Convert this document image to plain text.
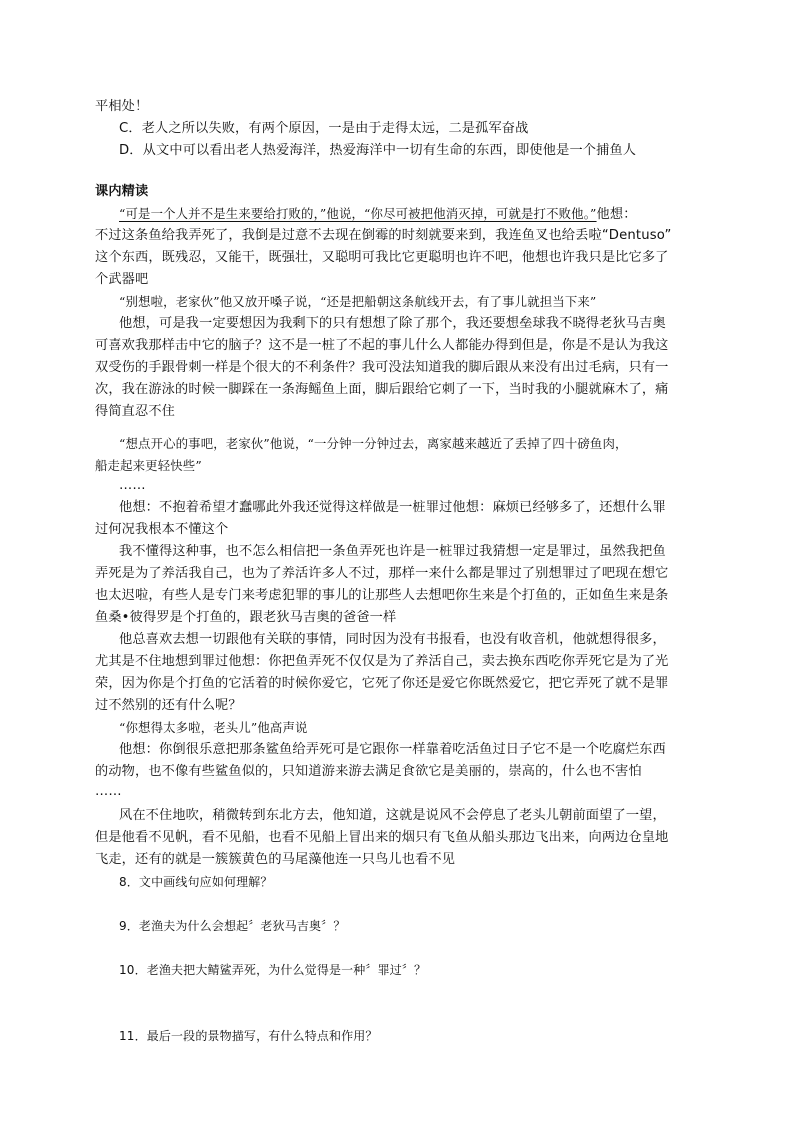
平相处！
C．老人之所以失败，有两个原因，一是由于走得太远，二是孤军奋战
D．从文中可以看出老人热爱海洋，热爱海洋中一切有生命的东西，即使他是一个捕鱼人
课内精读
“可是一个人并不是生来要给打败的，”他说，“你尽可被把他消灭掉，可就是打不败他。”他想：
不过这条鱼给我弄死了，我倒是过意不去现在倒霉的时刻就要来到，我连鱼叉也给丢啦“Dentuso”
这个东西，既残忍，又能干，既强壮，又聪明可我比它更聪明也许不吧，他想也许我只是比它多了
个武器吧
“别想啦，老家伙”他又放开嗓子说，“还是把船朝这条航线开去，有了事儿就担当下来”
他想，可是我一定要想因为我剩下的只有想想了除了那个，我还要想垒球我不晓得老狄马吉奥
可喜欢我那样击中它的脑子？这不是一桩了不起的事儿什么人都能办得到但是，你是不是认为我这
双受伤的手跟骨刺一样是个很大的不利条件？我可没法知道我的脚后跟从来没有出过毛病，只有一
次，我在游泳的时候一脚踩在一条海鳐鱼上面，脚后跟给它刺了一下，当时我的小腿就麻木了，痛
得简直忍不住
“想点开心的事吧，老家伙”他说，“一分钟一分钟过去，离家越来越近了丢掉了四十磅鱼肉，
船走起来更轻快些”
……
他想：不抱着希望才蠢哪此外我还觉得这样做是一桩罪过他想：麻烦已经够多了，还想什么罪
过何况我根本不懂这个
我不懂得这种事，也不怎么相信把一条鱼弄死也许是一桩罪过我猜想一定是罪过，虽然我把鱼
弄死是为了养活我自己，也为了养活许多人不过，那样一来什么都是罪过了别想罪过了吧现在想它
也太迟啦，有些人是专门来考虑犯罪的事儿的让那些人去想吧你生来是个打鱼的，正如鱼生来是条
鱼桑•彼得罗是个打鱼的，跟老狄马吉奥的爸爸一样
他总喜欢去想一切跟他有关联的事情，同时因为没有书报看，也没有收音机，他就想得很多，
尤其是不住地想到罪过他想：你把鱼弄死不仅仅是为了养活自己，卖去换东西吃你弄死它是为了光
荣，因为你是个打鱼的它活着的时候你爱它，它死了你还是爱它你既然爱它，把它弄死了就不是罪
过不然别的还有什么呢？
“你想得太多啦，老头儿”他高声说
他想：你倒很乐意把那条鲨鱼给弄死可是它跟你一样靠着吃活鱼过日子它不是一个吃腐烂东西
的动物，也不像有些鲨鱼似的，只知道游来游去满足食欲它是美丽的，崇高的，什么也不害怕
……
风在不住地吹，稍微转到东北方去，他知道，这就是说风不会停息了老头儿朝前面望了一望，
但是他看不见帆，看不见船，也看不见船上冒出来的烟只有飞鱼从船头那边飞出来，向两边仓皇地
飞走，还有的就是一簇簇黄色的马尾藻他连一只鸟儿也看不见
8．文中画线句应如何理解？
9．老渔夫为什么会想起〞老狄马吉奥〞？
10．老渔夫把大鲭鲨弄死，为什么觉得是一种〞罪过〞？
11．最后一段的景物描写，有什么特点和作用？
